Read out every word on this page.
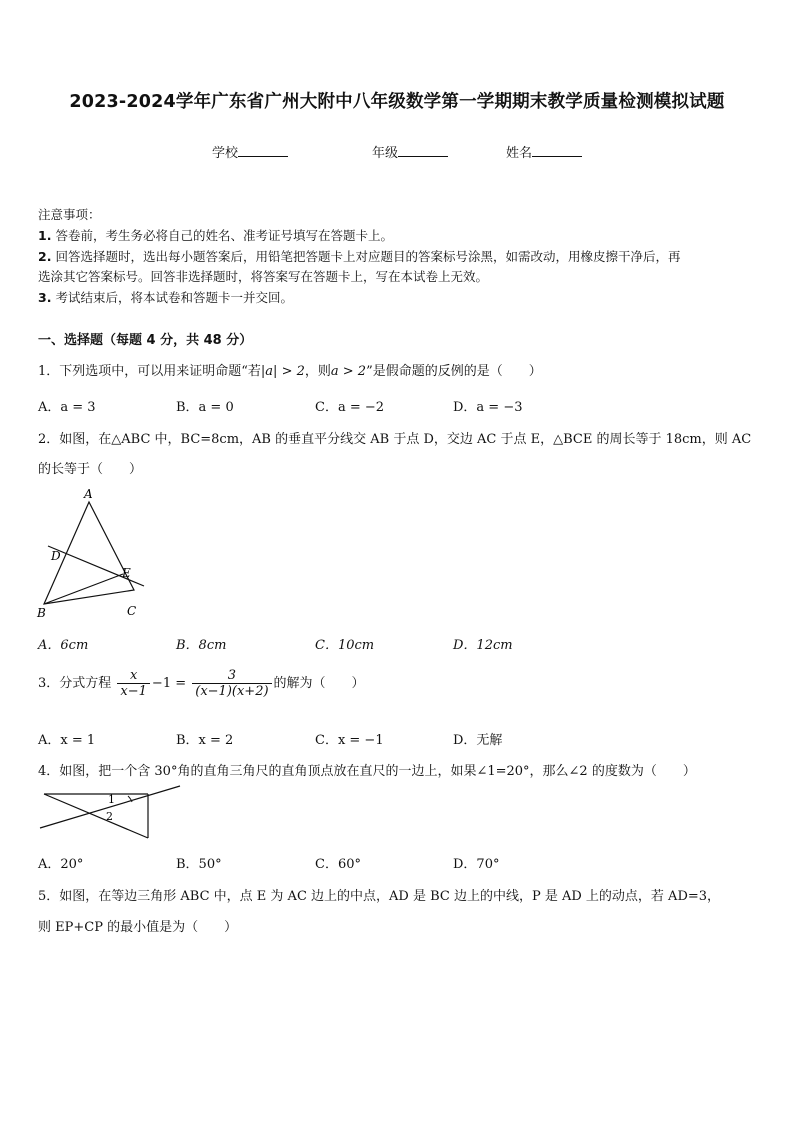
2023-2024学年广东省广州大附中八年级数学第一学期期末教学质量检测模拟试题
学校	年级	姓名
注意事项：
1. 答卷前，考生务必将自己的姓名、准考证号填写在答题卡上。
2. 回答选择题时，选出每小题答案后，用铅笔把答题卡上对应题目的答案标号涂黑，如需改动，用橡皮擦干净后，再
选涂其它答案标号。回答非选择题时，将答案写在答题卡上，写在本试卷上无效。
3. 考试结束后，将本试卷和答题卡一并交回。
一、选择题（每题 4 分，共 48 分）
1．下列选项中，可以用来证明命题“若|a| > 2，则a > 2”是假命题的反例的是（　　）
A．a = 3	B．a = 0	C．a = −2	D．a = −3
2．如图，在△ABC 中，BC=8cm，AB 的垂直平分线交 AB 于点 D，交边 AC 于点 E，△BCE 的周长等于 18cm，则 AC
的长等于（　　）
A
D
E
B	C
A．6cm	B．8cm	C．10cm	D．12cm
3．分式方程 $\frac{x}{x-1} -1 = \frac{3}{(x-1)(x+2)}$ 的解为（　　）
A．x = 1	B．x = 2	C．x = −1	D．无解
4．如图，把一个含 30°角的直角三角尺的直角顶点放在直尺的一边上，如果∠1=20°，那么∠2 的度数为（　　）
1
2
A．20°	B．50°	C．60°	D．70°
5．如图，在等边三角形 ABC 中，点 E 为 AC 边上的中点，AD 是 BC 边上的中线，P 是 AD 上的动点，若 AD=3，
则 EP+CP 的最小值是为（　　）
